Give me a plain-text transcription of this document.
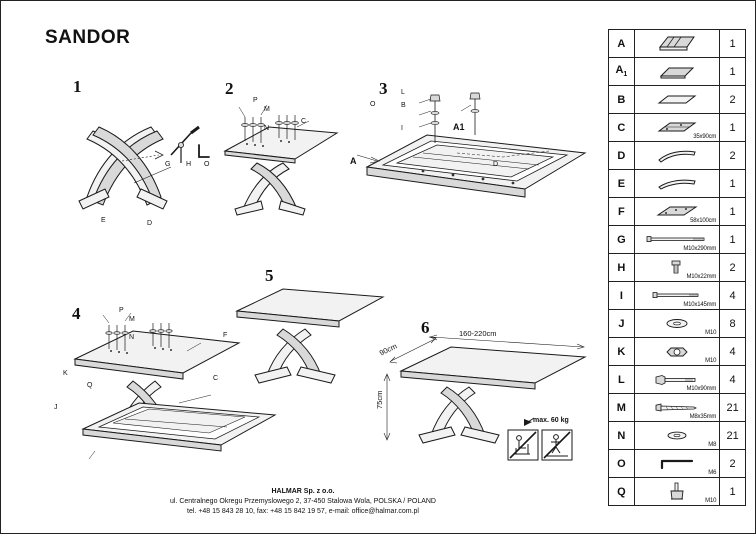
SANDOR	A		1
$A_1$		1
B		2
C	35x90cm	1
D		2
E		1
F	58x100cm	1
G	M10x290mm	1
H	M10x22mm	2
I	M10x145mm	4
J	M10	8
K	M10	4
L	M10x90mm	4
M	M8x35mm	21
N	M8	21
O	M6	2
Q	M10	1
1
E	D
G H O
2
P
M
N
C
3 L
B
I
O
A1
A	D
4	P
M
N	F
K
C
J
Q
5
6	160-220cm
90cm
75cm
max. 60 kg
HALMAR Sp. z o.o.
ul. Centralnego Okregu Przemyslowego 2, 37-450 Stalowa Wola, POLSKA / POLAND
tel. +48 15 843 28 10, fax: +48 15 842 19 57, e-mail: office@halmar.com.pl
